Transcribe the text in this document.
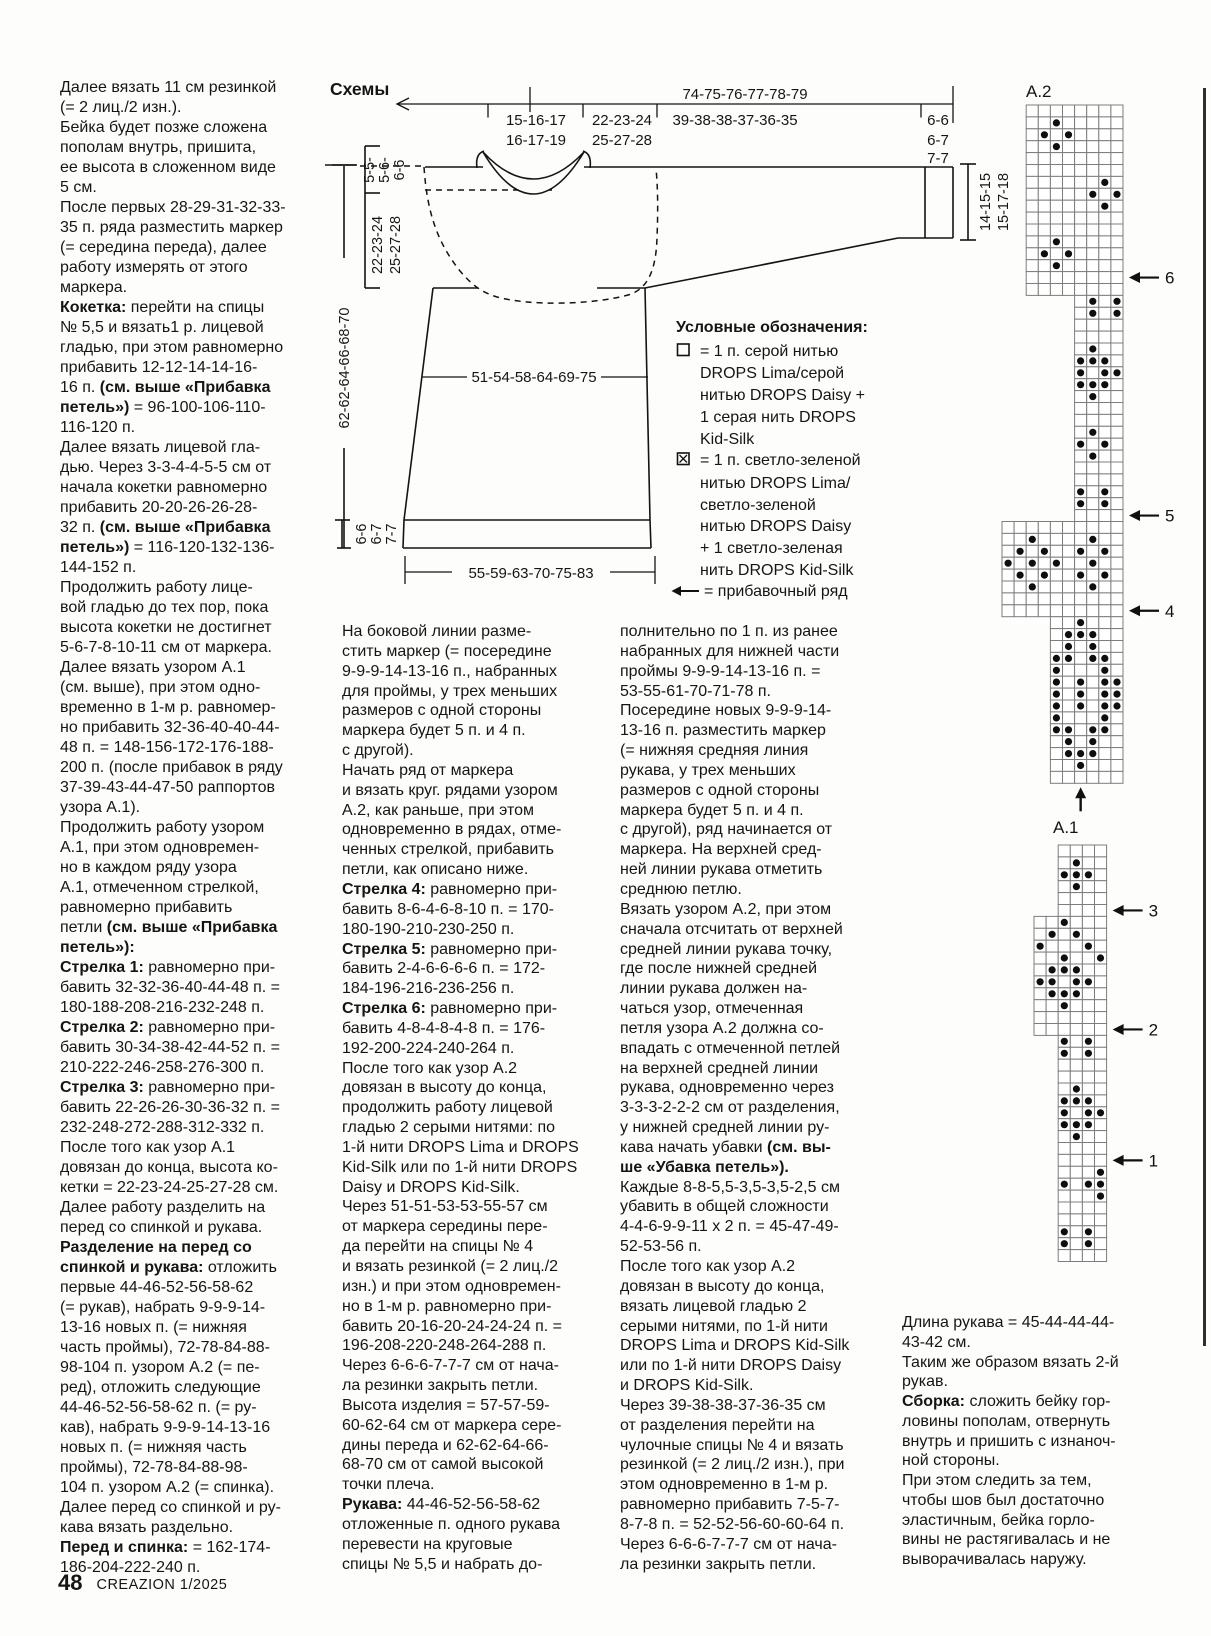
Далее вязать 11 см резинкой
(= 2 лиц./2 изн.).
Бейка будет позже сложена
пополам внутрь, пришита,
ее высота в сложенном виде
5 см.
После первых 28-29-31-32-33-
35 п. ряда разместить маркер
(= середина переда), далее
работу измерять от этого
маркера.
Кокетка: перейти на спицы
№ 5,5 и вязать1 р. лицевой
гладью, при этом равномерно
прибавить 12-12-14-14-16-
16 п. (см. выше «Прибавка
петель») = 96-100-106-110-
116-120 п.
Далее вязать лицевой гла-
дью. Через 3-3-4-4-5-5 см от
начала кокетки равномерно
прибавить 20-20-26-26-28-
32 п. (см. выше «Прибавка
петель») = 116-120-132-136-
144-152 п.
Продолжить работу лице-
вой гладью до тех пор, пока
высота кокетки не достигнет
5-6-7-8-10-11 см от маркера.
Далее вязать узором А.1
(см. выше), при этом одно-
временно в 1-м р. равномер-
но прибавить 32-36-40-40-44-
48 п. = 148-156-172-176-188-
200 п. (после прибавок в ряду
37-39-43-44-47-50 раппортов
узора А.1).
Продолжить работу узором
А.1, при этом одновремен-
но в каждом ряду узора
А.1, отмеченном стрелкой,
равномерно прибавить
петли (см. выше «Прибавка
петель»):
Стрелка 1: равномерно при-
бавить 32-32-36-40-44-48 п. =
180-188-208-216-232-248 п.
Стрелка 2: равномерно при-
бавить 30-34-38-42-44-52 п. =
210-222-246-258-276-300 п.
Стрелка 3: равномерно при-
бавить 22-26-26-30-36-32 п. =
232-248-272-288-312-332 п.
После того как узор А.1
довязан до конца, высота ко-
кетки = 22-23-24-25-27-28 см.
Далее работу разделить на
перед со спинкой и рукава.
Разделение на перед со
спинкой и рукава: отложить
первые 44-46-52-56-58-62
(= рукав), набрать 9-9-9-14-
13-16 новых п. (= нижняя
часть проймы), 72-78-84-88-
98-104 п. узором А.2 (= пе-
ред), отложить следующие
44-46-52-56-58-62 п. (= ру-
кав), набрать 9-9-9-14-13-16
новых п. (= нижняя часть
проймы), 72-78-84-88-98-
104 п. узором А.2 (= спинка).
Далее перед со спинкой и ру-
кава вязать раздельно.
Перед и спинка: = 162-174-
186-204-222-240 п.
На боковой линии разме-
стить маркер (= посередине
9-9-9-14-13-16 п., набранных
для проймы, у трех меньших
размеров с одной стороны
маркера будет 5 п. и 4 п.
с другой).
Начать ряд от маркера
и вязать круг. рядами узором
А.2, как раньше, при этом
одновременно в рядах, отме-
ченных стрелкой, прибавить
петли, как описано ниже.
Стрелка 4: равномерно при-
бавить 8-6-4-6-8-10 п. = 170-
180-190-210-230-250 п.
Стрелка 5: равномерно при-
бавить 2-4-6-6-6-6 п. = 172-
184-196-216-236-256 п.
Стрелка 6: равномерно при-
бавить 4-8-4-8-4-8 п. = 176-
192-200-224-240-264 п.
После того как узор А.2
довязан в высоту до конца,
продолжить работу лицевой
гладью 2 серыми нитями: по
1-й нити DROPS Lima и DROPS
Kid-Silk или по 1-й нити DROPS
Daisy и DROPS Kid-Silk.
Через 51-51-53-53-55-57 см
от маркера середины пере-
да перейти на спицы № 4
и вязать резинкой (= 2 лиц./2
изн.) и при этом одновремен-
но в 1-м р. равномерно при-
бавить 20-16-20-24-24-24 п. =
196-208-220-248-264-288 п.
Через 6-6-6-7-7-7 см от нача-
ла резинки закрыть петли.
Высота изделия = 57-57-59-
60-62-64 см от маркера сере-
дины переда и 62-62-64-66-
68-70 см от самой высокой
точки плеча.
Рукава: 44-46-52-56-58-62
отложенные п. одного рукава
перевести на круговые
спицы № 5,5 и набрать до-
полнительно по 1 п. из ранее
набранных для нижней части
проймы 9-9-9-14-13-16 п. =
53-55-61-70-71-78 п.
Посередине новых 9-9-9-14-
13-16 п. разместить маркер
(= нижняя средняя линия
рукава, у трех меньших
размеров с одной стороны
маркера будет 5 п. и 4 п.
с другой), ряд начинается от
маркера. На верхней сред-
ней линии рукава отметить
среднюю петлю.
Вязать узором А.2, при этом
сначала отсчитать от верхней
средней линии рукава точку,
где после нижней средней
линии рукава должен на-
чаться узор, отмеченная
петля узора А.2 должна со-
впадать с отмеченной петлей
на верхней средней линии
рукава, одновременно через
3-3-3-2-2-2 см от разделения,
у нижней средней линии ру-
кава начать убавки (см. вы-
ше «Убавка петель»).
Каждые 8-8-5,5-3,5-3,5-2,5 см
убавить в общей сложности
4-4-6-9-9-11 x 2 п. = 45-47-49-
52-53-56 п.
После того как узор А.2
довязан в высоту до конца,
вязать лицевой гладью 2
серыми нитями, по 1-й нити
DROPS Lima и DROPS Kid-Silk
или по 1-й нити DROPS Daisy
и DROPS Kid-Silk.
Через 39-38-38-37-36-35 см
от разделения перейти на
чулочные спицы № 4 и вязать
резинкой (= 2 лиц./2 изн.), при
этом одновременно в 1-м р.
равномерно прибавить 7-5-7-
8-7-8 п. = 52-52-56-60-60-64 п.
Через 6-6-6-7-7-7 см от нача-
ла резинки закрыть петли.
Длина рукава = 45-44-44-44-
43-42 см.
Таким же образом вязать 2-й
рукав.
Сборка: сложить бейку гор-
ловины пополам, отвернуть
внутрь и пришить с изнаноч-
ной стороны.
При этом следить за тем,
чтобы шов был достаточно
эластичным, бейка горло-
вины не растягивалась и не
выворачивалась наружу.
Схемы	74-75-76-77-78-79
15-16-17
16-17-19
22-23-24
25-27-28
39-38-38-37-36-35	6-6
6-7
7-7
51-54-58-64-69-75
55-59-63-70-75-83
5-5- 5-6- 6-6
22-23-24 25-27-28
62-62-64-66-68-70
6-6 6-7 7-7
14-15-15 15-17-18
Условные обозначения:
= 1 п. серой нитью
DROPS Lima/серой
нитью DROPS Daisy +
1 серая нить DROPS
Kid-Silk
= 1 п. светло-зеленой
нитью DROPS Lima/
светло-зеленой
нитью DROPS Daisy
+ 1 светло-зеленая
нить DROPS Kid-Silk
= прибавочный ряд
A.2
6
5
4
A.1
3
2
1
48 CREAZION 1/2025
